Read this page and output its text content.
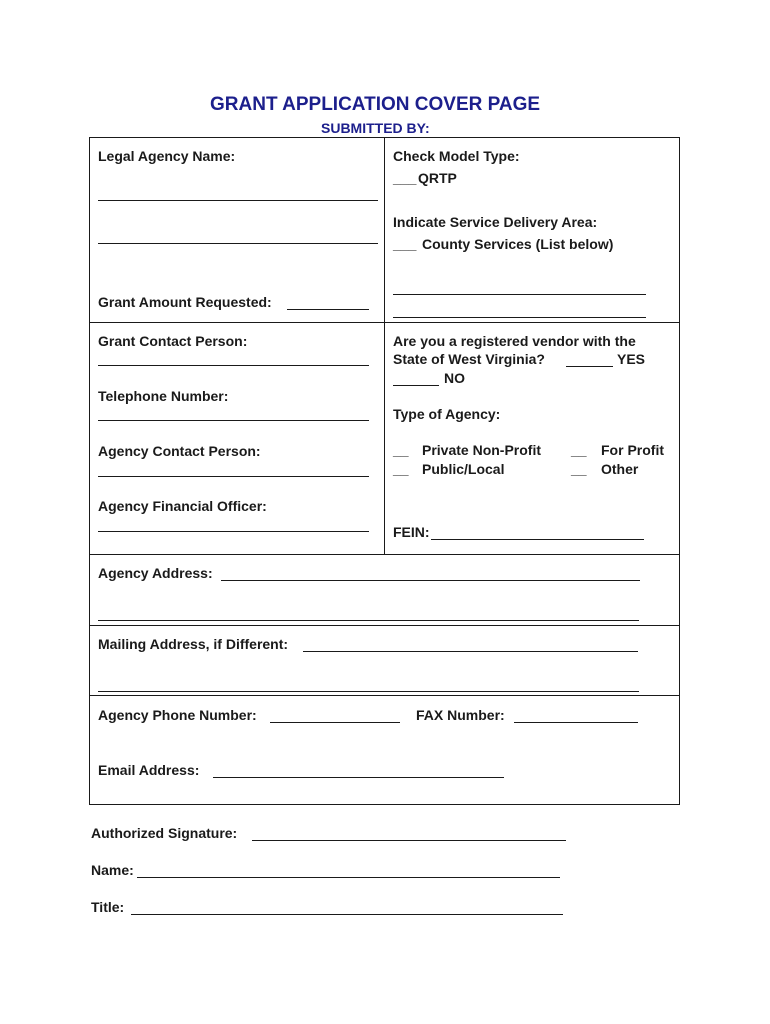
GRANT APPLICATION COVER PAGE
SUBMITTED BY:
Legal Agency Name:
Grant Amount Requested:
Grant Contact Person:
Telephone Number:
Agency Contact Person:
Agency Financial Officer:
Check Model Type:
___ QRTP
Indicate Service Delivery Area:
___ County Services (List below)
Are you a registered vendor with the
State of West Virginia?	YES
NO
Type of Agency:
__ Private Non-Profit __ For Profit
__ Public/Local	__ Other
FEIN:
Agency Address:
Mailing Address, if Different:
Agency Phone Number:	FAX Number:
Email Address:
Authorized Signature:
Name:
Title:
